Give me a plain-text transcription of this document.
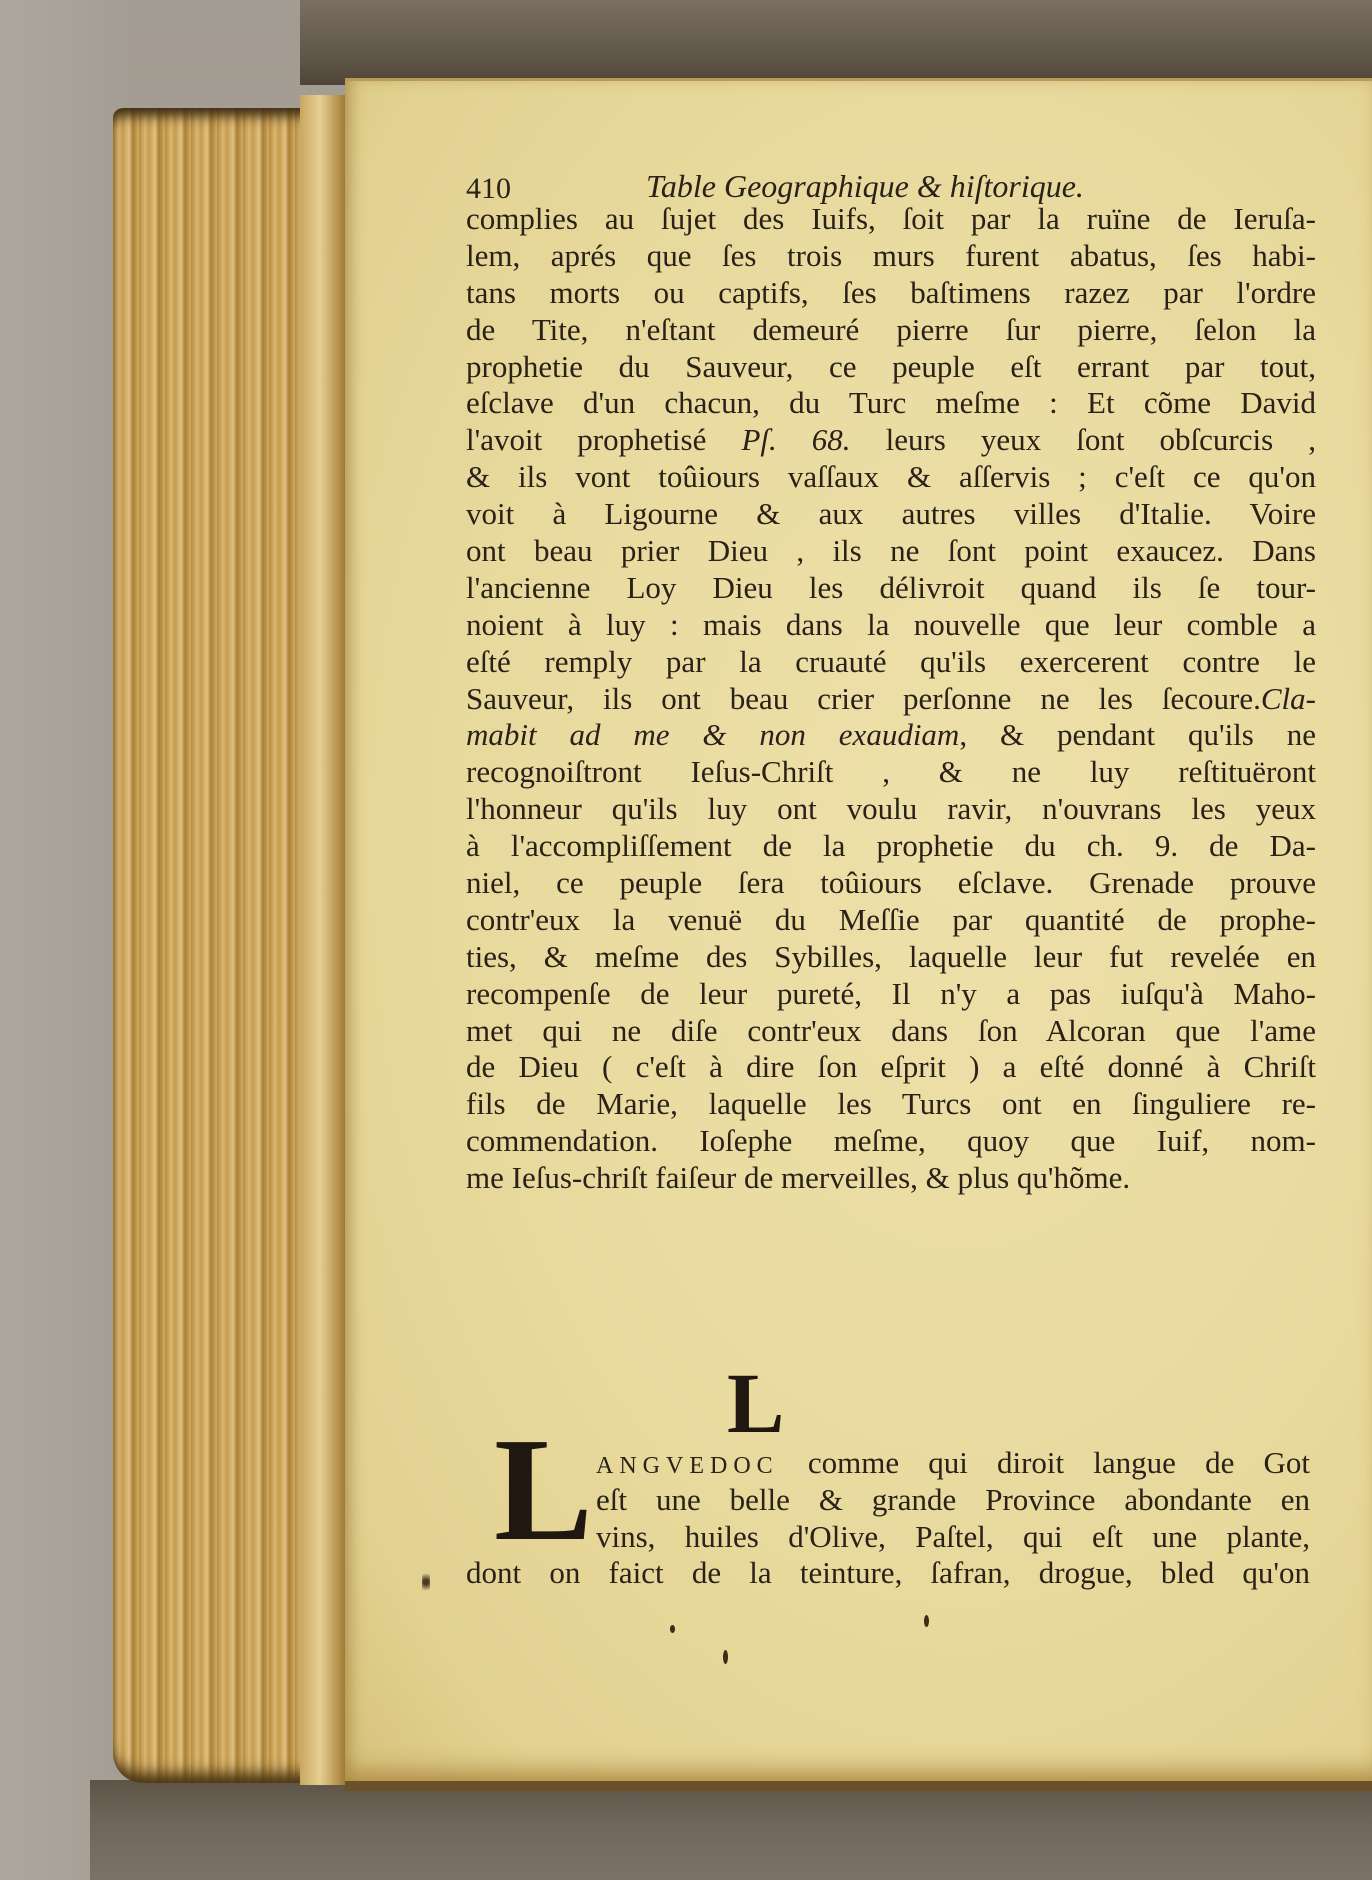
410	Table Geographique & hiſtorique.
complies au ſujet des Iuifs, ſoit par la ruïne de Ieruſa-
lem, aprés que ſes trois murs furent abatus, ſes habi-
tans morts ou captifs, ſes baſtimens razez par l'ordre
de Tite, n'eſtant demeuré pierre ſur pierre, ſelon la
prophetie du Sauveur, ce peuple eſt errant par tout,
eſclave d'un chacun, du Turc meſme : Et cõme David
l'avoit prophetisé Pſ. 68. leurs yeux ſont obſcurcis ,
& ils vont toûiours vaſſaux & aſſervis ; c'eſt ce qu'on
voit à Ligourne & aux autres villes d'Italie. Voire
ont beau prier Dieu , ils ne ſont point exaucez. Dans
l'ancienne Loy Dieu les délivroit quand ils ſe tour-
noient à luy : mais dans la nouvelle que leur comble a
eſté remply par la cruauté qu'ils exercerent contre le
Sauveur, ils ont beau crier perſonne ne les ſecoure.Cla-
mabit ad me & non exaudiam, & pendant qu'ils ne
recognoiſtront Ieſus-Chriſt , & ne luy reſtituëront
l'honneur qu'ils luy ont voulu ravir, n'ouvrans les yeux
à l'accompliſſement de la prophetie du ch. 9. de Da-
niel, ce peuple ſera toûiours eſclave. Grenade prouve
contr'eux la venuë du Meſſie par quantité de prophe-
ties, & meſme des Sybilles, laquelle leur fut revelée en
recompenſe de leur pureté, Il n'y a pas iuſqu'à Maho-
met qui ne diſe contr'eux dans ſon Alcoran que l'ame
de Dieu ( c'eſt à dire ſon eſprit ) a eſté donné à Chriſt
fils de Marie, laquelle les Turcs ont en ſinguliere re-
commendation. Ioſephe meſme, quoy que Iuif, nom-
me Ieſus-chriſt faiſeur de merveilles, & plus qu'hõme.
L
L ANGVEDOC comme qui diroit langue de Got
eſt une belle & grande Province abondante en
vins, huiles d'Olive, Paſtel, qui eſt une plante,
dont on faict de la teinture, ſafran, drogue, bled qu'on
